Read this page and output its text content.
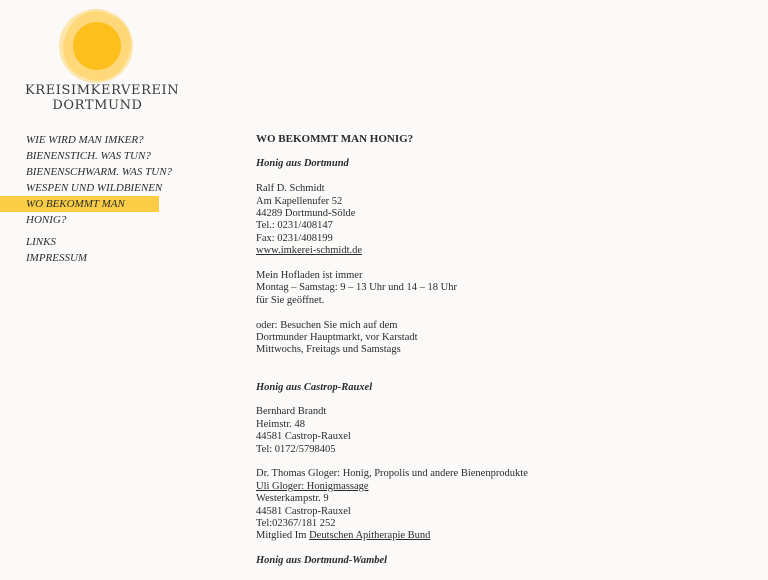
KREISIMKERVEREIN
DORTMUND
WIE WIRD MAN IMKER?
BIENENSTICH. WAS TUN?
BIENENSCHWARM. WAS TUN?
WESPEN UND WILDBIENEN
WO BEKOMMT MAN HONIG?
LINKS
IMPRESSUM
WO BEKOMMT MAN HONIG?
Honig aus Dortmund

Ralf D. Schmidt
Am Kapellenufer 52
44289 Dortmund-Sölde
Tel.: 0231/408147
Fax: 0231/408199
www.imkerei-schmidt.de

Mein Hofladen ist immer
Montag – Samstag: 9 – 13 Uhr und 14 – 18 Uhr
für Sie geöffnet.

oder: Besuchen Sie mich auf dem
Dortmunder Hauptmarkt, vor Karstadt
Mittwochs, Freitags und Samstags

Honig aus Castrop-Rauxel

Bernhard Brandt
Heimstr. 48
44581 Castrop-Rauxel
Tel: 0172/5798405

Dr. Thomas Gloger: Honig, Propolis und andere Bienenprodukte
Uli Gloger: Honigmassage
Westerkampstr. 9
44581 Castrop-Rauxel
Tel:02367/181 252
Mitglied Im Deutschen Apitherapie Bund

Honig aus Dortmund-Wambel
